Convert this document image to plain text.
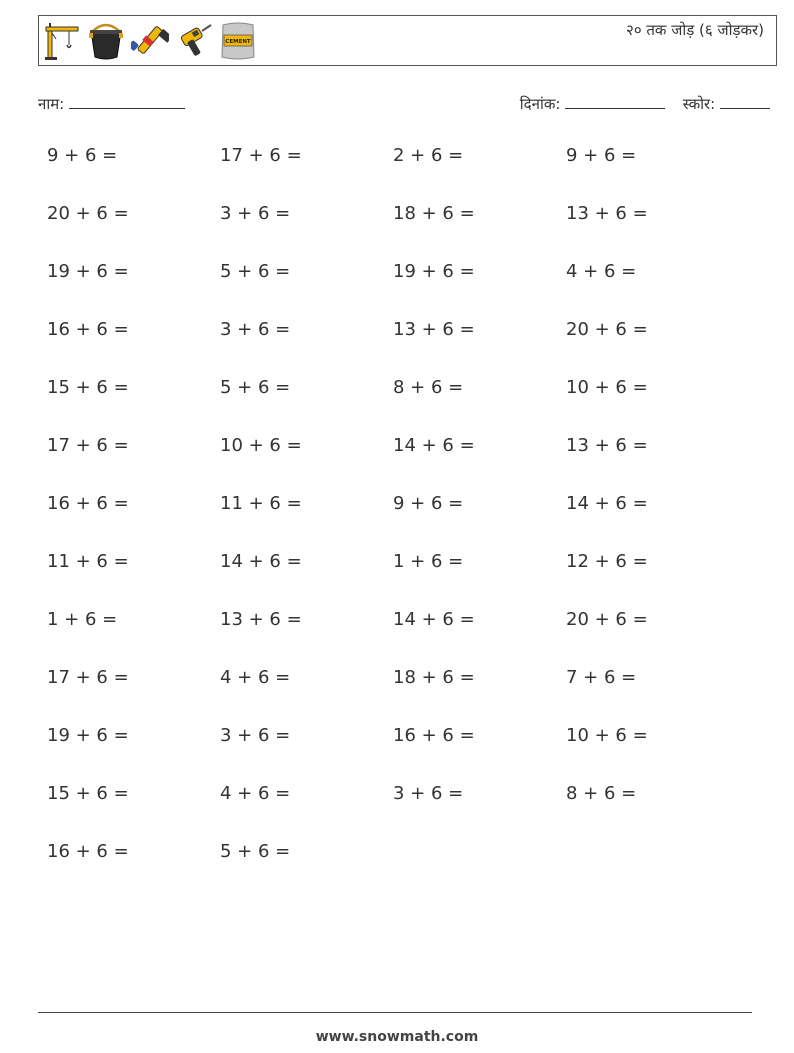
CEMENT
२० तक जोड़ (६ जोड़कर)
नाम:	दिनांक:	स्कोर:
9 + 6 =	17 + 6 =	2 + 6 =	9 + 6 =
20 + 6 =	3 + 6 =	18 + 6 =	13 + 6 =
19 + 6 =	5 + 6 =	19 + 6 =	4 + 6 =
16 + 6 =	3 + 6 =	13 + 6 =	20 + 6 =
15 + 6 =	5 + 6 =	8 + 6 =	10 + 6 =
17 + 6 =	10 + 6 =	14 + 6 =	13 + 6 =
16 + 6 =	11 + 6 =	9 + 6 =	14 + 6 =
11 + 6 =	14 + 6 =	1 + 6 =	12 + 6 =
1 + 6 =	13 + 6 =	14 + 6 =	20 + 6 =
17 + 6 =	4 + 6 =	18 + 6 =	7 + 6 =
19 + 6 =	3 + 6 =	16 + 6 =	10 + 6 =
15 + 6 =	4 + 6 =	3 + 6 =	8 + 6 =
16 + 6 =	5 + 6 =
www.snowmath.com
